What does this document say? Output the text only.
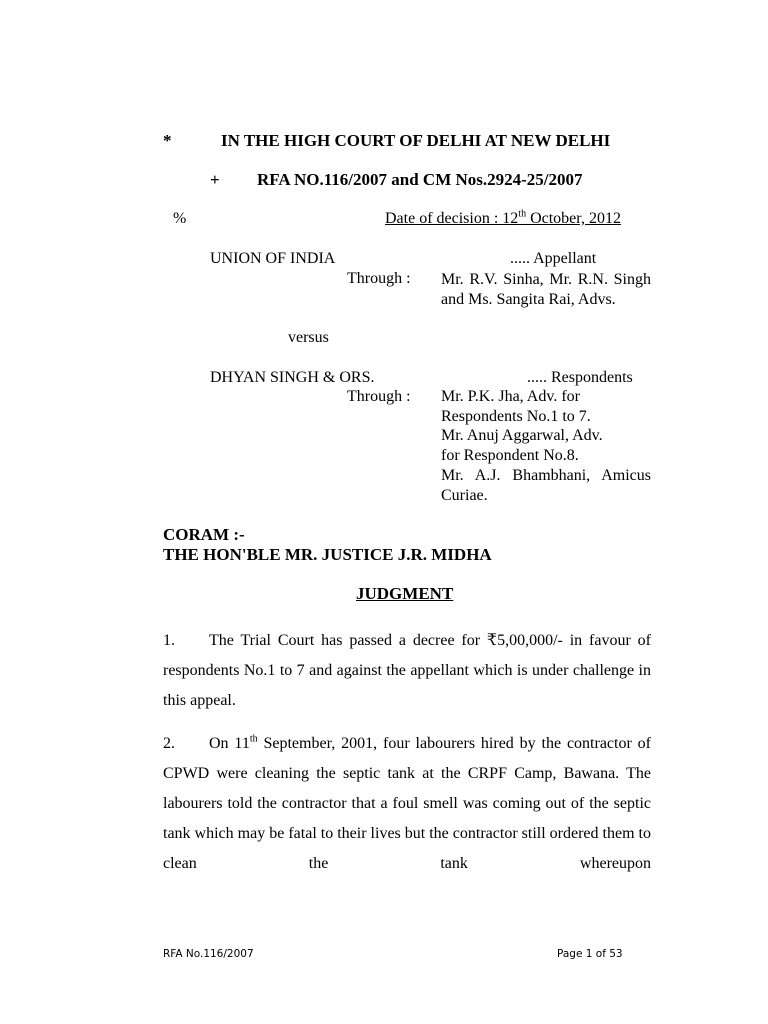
*	IN THE HIGH COURT OF DELHI AT NEW DELHI
+ RFA NO.116/2007 and CM Nos.2924-25/2007
%	Date of decision : 12th October, 2012
UNION OF INDIA	..... Appellant
Through : Mr. R.V. Sinha, Mr. R.N. Singh and Ms. Sangita Rai, Advs.
versus
DHYAN SINGH & ORS.	..... Respondents
Through : Mr. P.K. Jha, Adv. for
Respondents No.1 to 7.
Mr. Anuj Aggarwal, Adv.
for Respondent No.8.
Mr. A.J. Bhambhani, Amicus Curiae.
CORAM :-
THE HON'BLE MR. JUSTICE J.R. MIDHA
JUDGMENT
1. The Trial Court has passed a decree for ₹5,00,000/- in favour of respondents No.1 to 7 and against the appellant which is under challenge in this appeal.
2. On 11th September, 2001, four labourers hired by the contractor of CPWD were cleaning the septic tank at the CRPF Camp, Bawana. The labourers told the contractor that a foul smell was coming out of the septic tank which may be fatal to their lives but the contractor still ordered them to clean the tank whereupon
RFA No.116/2007	Page 1 of 53
